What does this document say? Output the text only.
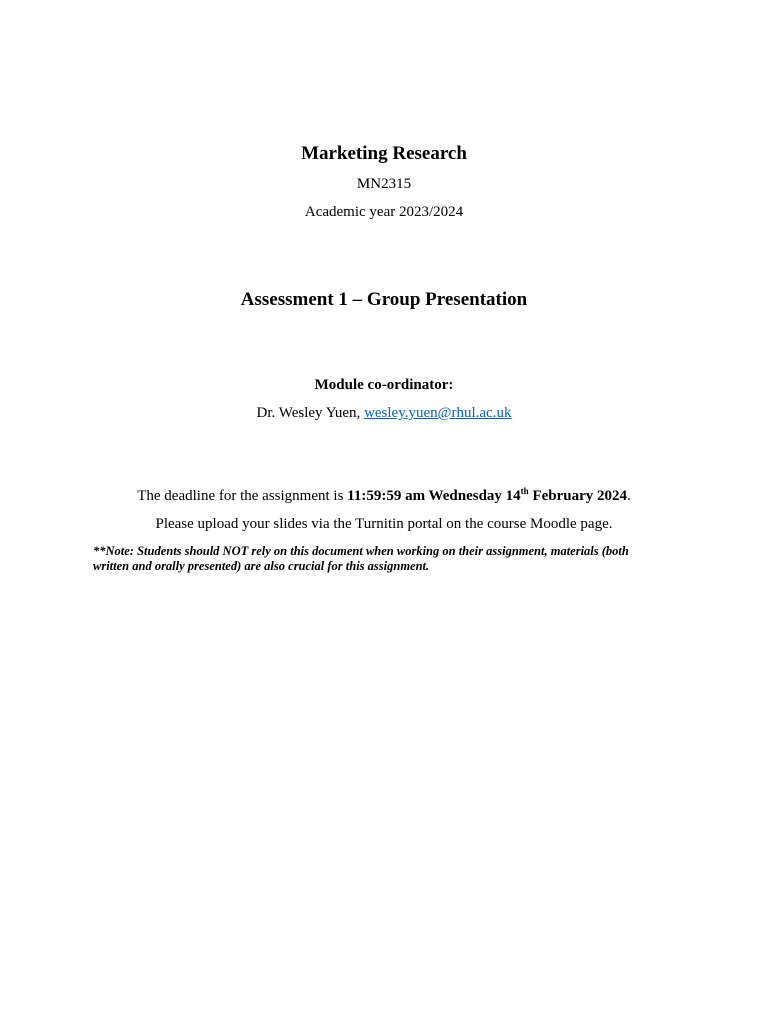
Marketing Research
MN2315
Academic year 2023/2024
Assessment 1 – Group Presentation
Module co-ordinator:
Dr. Wesley Yuen, wesley.yuen@rhul.ac.uk
The deadline for the assignment is 11:59:59 am Wednesday 14th February 2024.
Please upload your slides via the Turnitin portal on the course Moodle page.
**Note: Students should NOT rely on this document when working on their assignment, materials (both
written and orally presented) are also crucial for this assignment.
